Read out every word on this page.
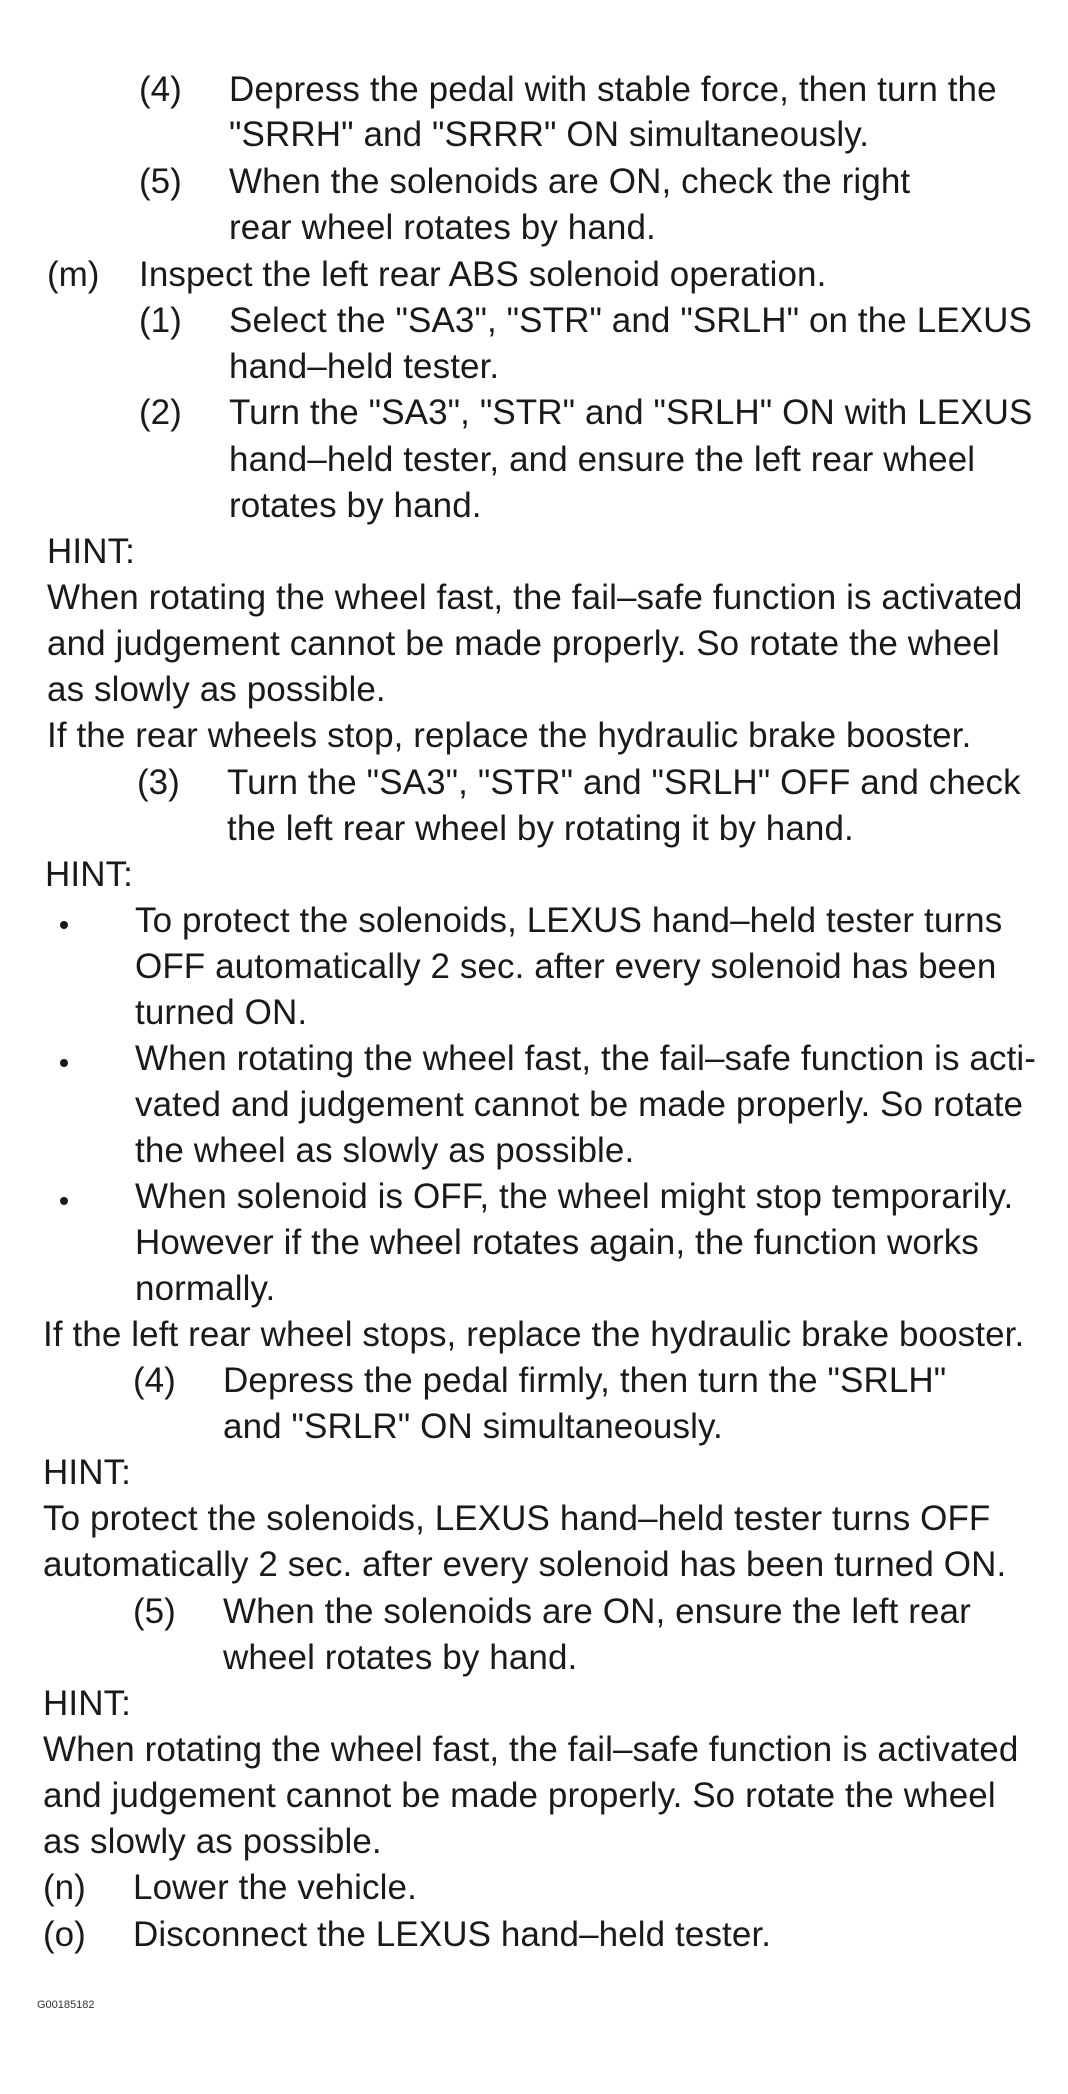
(4) Depress the pedal with stable force, then turn the
"SRRH" and "SRRR" ON simultaneously.
(5) When the solenoids are ON, check the right
rear wheel rotates by hand.
(m) Inspect the left rear ABS solenoid operation.
(1) Select the "SA3", "STR" and "SRLH" on the LEXUS
hand–held tester.
(2) Turn the "SA3", "STR" and "SRLH" ON with LEXUS
hand–held tester, and ensure the left rear wheel
rotates by hand.
HINT:
When rotating the wheel fast, the fail–safe function is activated
and judgement cannot be made properly. So rotate the wheel
as slowly as possible.
If the rear wheels stop, replace the hydraulic brake booster.
(3) Turn the "SA3", "STR" and "SRLH" OFF and check
the left rear wheel by rotating it by hand.
HINT:
To protect the solenoids, LEXUS hand–held tester turns
OFF automatically 2 sec. after every solenoid has been
turned ON.
When rotating the wheel fast, the fail–safe function is acti-
vated and judgement cannot be made properly. So rotate
the wheel as slowly as possible.
When solenoid is OFF, the wheel might stop temporarily.
However if the wheel rotates again, the function works
normally.
If the left rear wheel stops, replace the hydraulic brake booster.
(4) Depress the pedal firmly, then turn the "SRLH"
and "SRLR" ON simultaneously.
HINT:
To protect the solenoids, LEXUS hand–held tester turns OFF
automatically 2 sec. after every solenoid has been turned ON.
(5) When the solenoids are ON, ensure the left rear
wheel rotates by hand.
HINT:
When rotating the wheel fast, the fail–safe function is activated
and judgement cannot be made properly. So rotate the wheel
as slowly as possible.
(n) Lower the vehicle.
(o) Disconnect the LEXUS hand–held tester.
G00185182
